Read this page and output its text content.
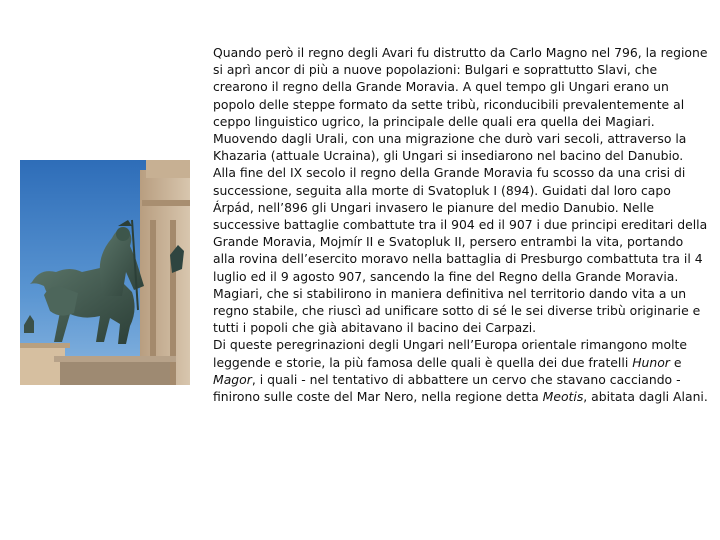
Quando però il regno degli Avari fu distrutto da Carlo Magno nel 796, la regione si aprì ancor di più a nuove popolazioni: Bulgari e soprattutto Slavi, che crearono il regno della Grande Moravia. A quel tempo gli Ungari erano un popolo delle steppe formato da sette tribù, riconducibili prevalentemente al ceppo linguistico ugrico, la principale delle quali era quella dei Magiari. Muovendo dagli Urali, con una migrazione che durò vari secoli, attraverso la Khazaria (attuale Ucraina), gli Ungari si insediarono nel bacino del Danubio.

Alla fine del IX secolo il regno della Grande Moravia fu scosso da una crisi di successione, seguita alla morte di Svatopluk I (894). Guidati dal loro capo Árpád, nell’896 gli Ungari invasero le pianure del medio Danubio. Nelle successive battaglie combattute tra il 904 ed il 907 i due principi ereditari della Grande Moravia, Mojmír II e Svatopluk II, persero entrambi la vita, portando alla rovina dell’esercito moravo nella battaglia di Presburgo combattuta tra il 4 luglio ed il 9 agosto 907, sancendo la fine del Regno della Grande Moravia.

Magiari, che si stabilirono in maniera definitiva nel territorio dando vita a un regno stabile, che riuscì ad unificare sotto di sé le sei diverse tribù originarie e tutti i popoli che già abitavano il bacino dei Carpazi.

Di queste peregrinazioni degli Ungari nell’Europa orientale rimangono molte leggende e storie, la più famosa delle quali è quella dei due fratelli Hunor e Magor, i quali - nel tentativo di abbattere un cervo che stavano cacciando - finirono sulle coste del Mar Nero, nella regione detta Meotis, abitata dagli Alani.
